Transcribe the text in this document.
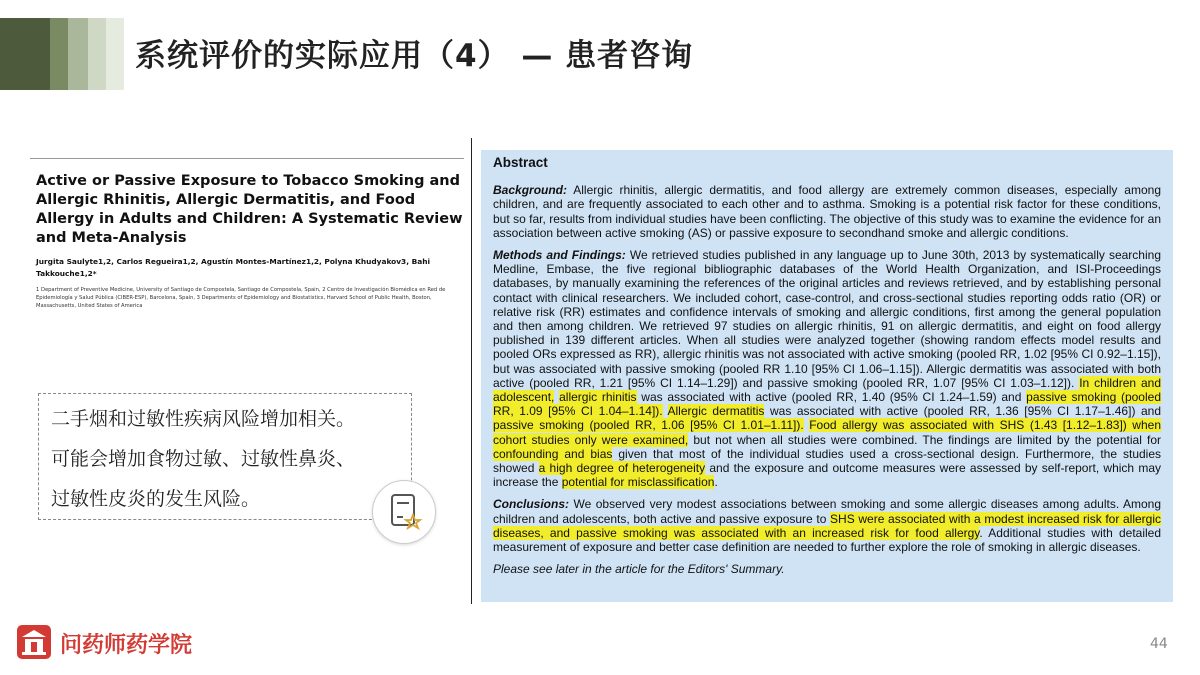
系统评价的实际应用（4） — 患者咨询
Active or Passive Exposure to Tobacco Smoking and Allergic Rhinitis, Allergic Dermatitis, and Food Allergy in Adults and Children: A Systematic Review and Meta-Analysis
Jurgita Saulyte1,2, Carlos Regueira1,2, Agustín Montes-Martínez1,2, Polyna Khudyakov3, Bahi Takkouche1,2*
1 Department of Preventive Medicine, University of Santiago de Compostela, Santiago de Compostela, Spain, 2 Centro de Investigación Biomédica en Red de Epidemiología y Salud Pública (CIBER-ESP), Barcelona, Spain, 3 Departments of Epidemiology and Biostatistics, Harvard School of Public Health, Boston, Massachusetts, United States of America
二手烟和过敏性疾病风险增加相关。
可能会增加食物过敏、过敏性鼻炎、
过敏性皮炎的发生风险。
Abstract

Background: Allergic rhinitis, allergic dermatitis, and food allergy are extremely common diseases, especially among children, and are frequently associated to each other and to asthma. Smoking is a potential risk factor for these conditions, but so far, results from individual studies have been conflicting. The objective of this study was to examine the evidence for an association between active smoking (AS) or passive exposure to secondhand smoke and allergic conditions.

Methods and Findings: We retrieved studies published in any language up to June 30th, 2013 by systematically searching Medline, Embase, the five regional bibliographic databases of the World Health Organization, and ISI-Proceedings databases, by manually examining the references of the original articles and reviews retrieved, and by establishing personal contact with clinical researchers. We included cohort, case-control, and cross-sectional studies reporting odds ratio (OR) or relative risk (RR) estimates and confidence intervals of smoking and allergic conditions, first among the general population and then among children. We retrieved 97 studies on allergic rhinitis, 91 on allergic dermatitis, and eight on food allergy published in 139 different articles. When all studies were analyzed together (showing random effects model results and pooled ORs expressed as RR), allergic rhinitis was not associated with active smoking (pooled RR, 1.02 [95% CI 0.92–1.15]), but was associated with passive smoking (pooled RR 1.10 [95% CI 1.06–1.15]). Allergic dermatitis was associated with both active (pooled RR, 1.21 [95% CI 1.14–1.29]) and passive smoking (pooled RR, 1.07 [95% CI 1.03–1.12]). In children and adolescent, allergic rhinitis was associated with active (pooled RR, 1.40 (95% CI 1.24–1.59) and passive smoking (pooled RR, 1.09 [95% CI 1.04–1.14]). Allergic dermatitis was associated with active (pooled RR, 1.36 [95% CI 1.17–1.46]) and passive smoking (pooled RR, 1.06 [95% CI 1.01–1.11]). Food allergy was associated with SHS (1.43 [1.12–1.83]) when cohort studies only were examined, but not when all studies were combined. The findings are limited by the potential for confounding and bias given that most of the individual studies used a cross-sectional design. Furthermore, the studies showed a high degree of heterogeneity and the exposure and outcome measures were assessed by self-report, which may increase the potential for misclassification.

Conclusions: We observed very modest associations between smoking and some allergic diseases among adults. Among children and adolescents, both active and passive exposure to SHS were associated with a modest increased risk for allergic diseases, and passive smoking was associated with an increased risk for food allergy. Additional studies with detailed measurement of exposure and better case definition are needed to further explore the role of smoking in allergic diseases.

Please see later in the article for the Editors' Summary.

问药师药学院	44
